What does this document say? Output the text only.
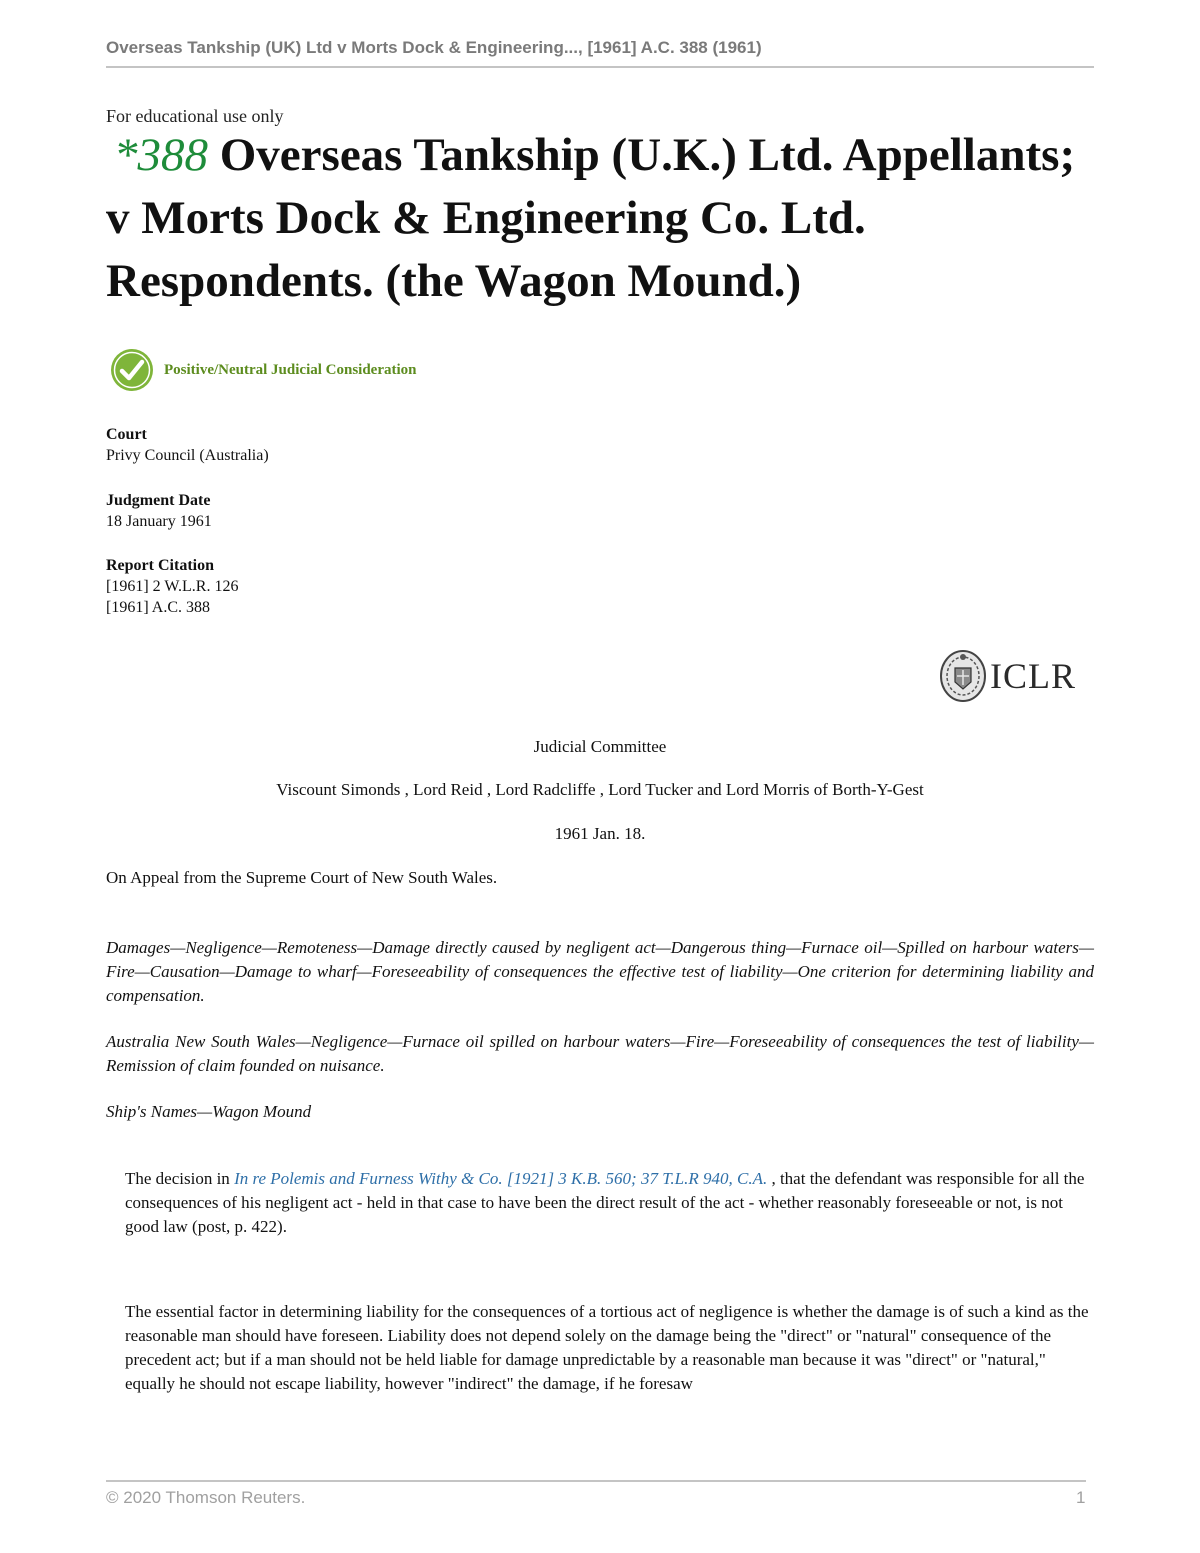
Overseas Tankship (UK) Ltd v Morts Dock & Engineering..., [1961] A.C. 388 (1961)
For educational use only
*388 Overseas Tankship (U.K.) Ltd. Appellants; v Morts Dock & Engineering Co. Ltd. Respondents. (the Wagon Mound.)
Positive/Neutral Judicial Consideration
Court
Privy Council (Australia)
Judgment Date
18 January 1961
Report Citation
[1961] 2 W.L.R. 126
[1961] A.C. 388
ICLR
Judicial Committee
Viscount Simonds , Lord Reid , Lord Radcliffe , Lord Tucker and Lord Morris of Borth-Y-Gest
1961 Jan. 18.
On Appeal from the Supreme Court of New South Wales.

Damages—Negligence—Remoteness—Damage directly caused by negligent act—Dangerous thing—Furnace oil—Spilled on harbour waters—Fire—Causation—Damage to wharf—Foreseeability of consequences the effective test of liability—One criterion for determining liability and compensation.

Australia New South Wales—Negligence—Furnace oil spilled on harbour waters—Fire—Foreseeability of consequences the test of liability—Remission of claim founded on nuisance.

Ship's Names—Wagon Mound

The decision in In re Polemis and Furness Withy & Co. [1921] 3 K.B. 560; 37 T.L.R 940, C.A. , that the defendant was responsible for all the consequences of his negligent act - held in that case to have been the direct result of the act - whether reasonably foreseeable or not, is not good law (post, p. 422).

The essential factor in determining liability for the consequences of a tortious act of negligence is whether the damage is of such a kind as the reasonable man should have foreseen. Liability does not depend solely on the damage being the "direct" or "natural" consequence of the precedent act; but if a man should not be held liable for damage unpredictable by a reasonable man because it was "direct" or "natural," equally he should not escape liability, however "indirect" the damage, if he foresaw

© 2020 Thomson Reuters.	1
